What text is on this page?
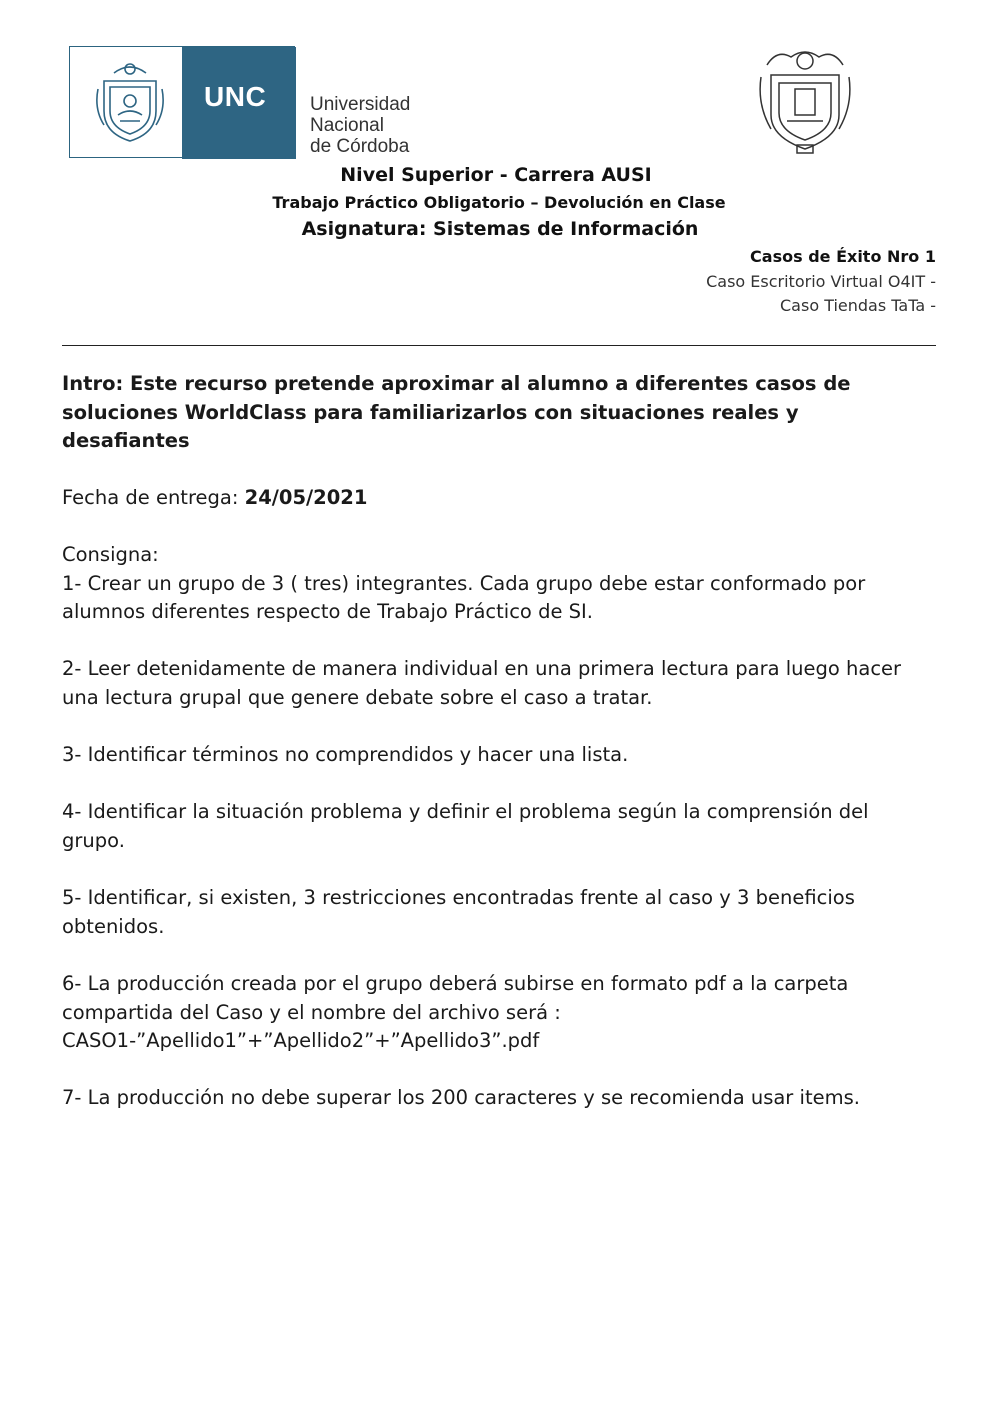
UNC Universidad
Nacional
de Córdoba
Nivel Superior - Carrera AUSI
Trabajo Práctico Obligatorio – Devolución en Clase
Asignatura: Sistemas de Información
Casos de Éxito Nro 1
Caso Escritorio Virtual O4IT -
Caso Tiendas TaTa -
Intro: Este recurso pretende aproximar al alumno a diferentes casos de soluciones WorldClass para familiarizarlos con situaciones reales y desafiantes
Fecha de entrega: 24/05/2021

Consigna:

1- Crear un grupo de 3 ( tres) integrantes. Cada grupo debe estar conformado por alumnos diferentes respecto de Trabajo Práctico de SI.

2- Leer detenidamente de manera individual en una primera lectura para luego hacer una lectura grupal que genere debate sobre el caso a tratar.

3- Identificar términos no comprendidos y hacer una lista.

4- Identificar la situación problema y definir el problema según la comprensión del grupo.

5- Identificar, si existen, 3 restricciones encontradas frente al caso y 3 beneficios obtenidos.

6- La producción creada por el grupo deberá subirse en formato pdf a la carpeta compartida del Caso y el nombre del archivo será : CASO1-”Apellido1”+”Apellido2”+”Apellido3”.pdf

7- La producción no debe superar los 200 caracteres y se recomienda usar items.
